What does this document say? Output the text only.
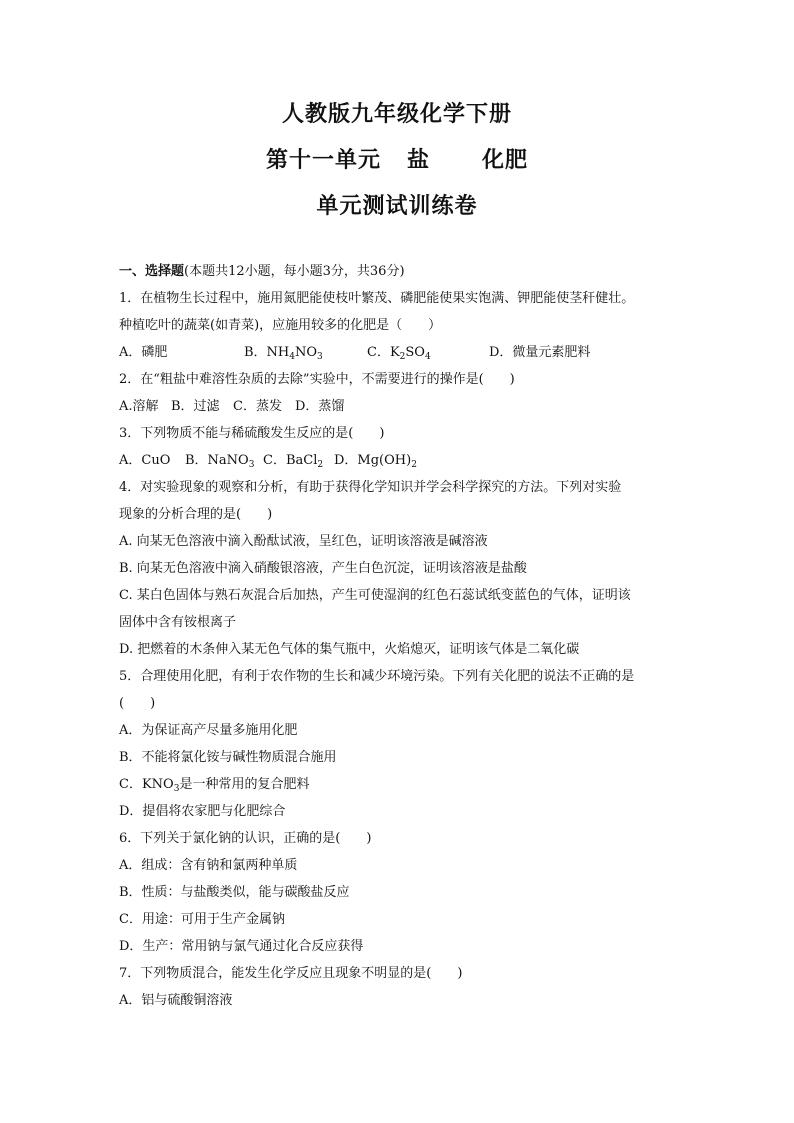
人教版九年级化学下册
第十一单元 盐 化肥
单元测试训练卷
一、选择题(本题共12小题，每小题3分，共36分)
1．在植物生长过程中，施用氮肥能使枝叶繁茂、磷肥能使果实饱满、钾肥能使茎秆健壮。
种植吃叶的蔬菜(如青菜)，应施用较多的化肥是（　　）
A．磷肥	B．$NH_4NO_3$	C．$K_2SO_4$	D．微量元素肥料
2．在“粗盐中难溶性杂质的去除”实验中，不需要进行的操作是(　　)
A.溶解 B．过滤 C．蒸发 D．蒸馏
3．下列物质不能与稀硫酸发生反应的是(　　)
A．CuO B．NaNO$_3$ C．BaCl$_2$ D．$Mg(OH)_2$
4．对实验现象的观察和分析，有助于获得化学知识并学会科学探究的方法。下列对实验
现象的分析合理的是(　　)
A. 向某无色溶液中滴入酚酞试液，呈红色，证明该溶液是碱溶液
B. 向某无色溶液中滴入硝酸银溶液，产生白色沉淀，证明该溶液是盐酸
C. 某白色固体与熟石灰混合后加热，产生可使湿润的红色石蕊试纸变蓝色的气体，证明该
固体中含有铵根离子
D. 把燃着的木条伸入某无色气体的集气瓶中，火焰熄灭，证明该气体是二氧化碳
5．合理使用化肥，有利于农作物的生长和减少环境污染。下列有关化肥的说法不正确的是
(　　)
A．为保证高产尽量多施用化肥
B．不能将氯化铵与碱性物质混合施用
C．$KNO_3$是一种常用的复合肥料
D．提倡将农家肥与化肥综合
6．下列关于氯化钠的认识，正确的是(　　)
A．组成：含有钠和氯两种单质
B．性质：与盐酸类似，能与碳酸盐反应
C．用途：可用于生产金属钠
D．生产：常用钠与氯气通过化合反应获得
7．下列物质混合，能发生化学反应且现象不明显的是(　　)
A．铝与硫酸铜溶液
